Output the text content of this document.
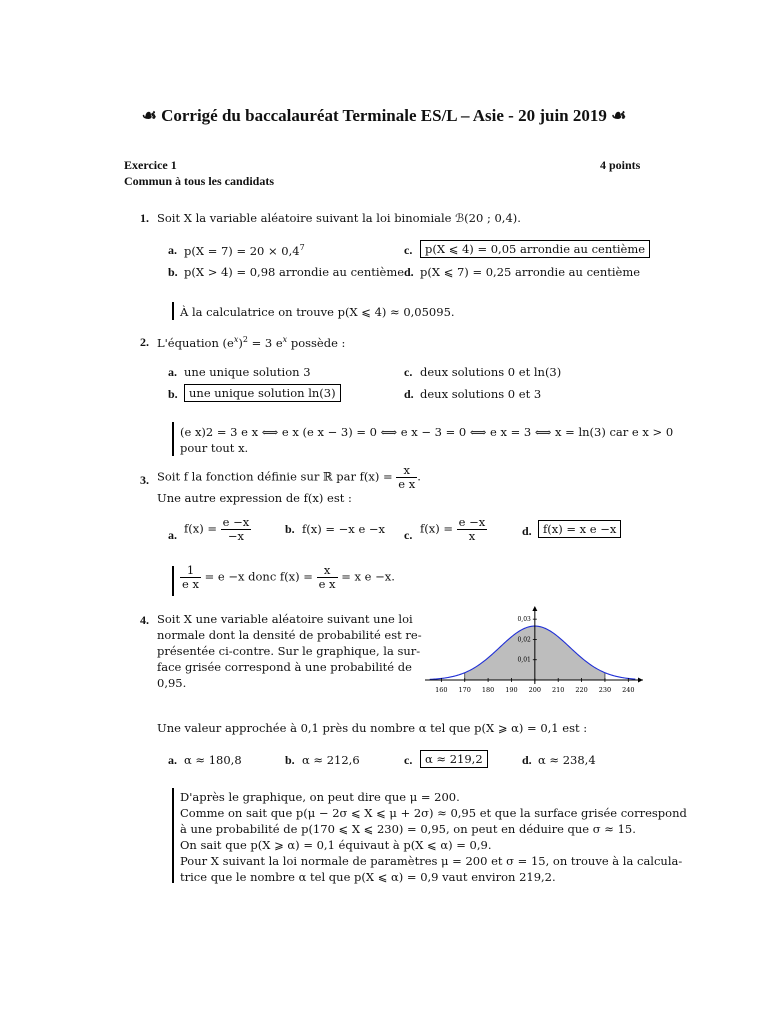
☙ Corrigé du baccalauréat Terminale ES/L – Asie - 20 juin 2019 ☙
Exercice 1	4 points
Commun à tous les candidats
1. Soit X la variable aléatoire suivant la loi binomiale ℬ(20 ; 0,4).
a. $p(X = 7) = 20 \times 0,4^7$	c.	p(X ⩽ 4) = 0,05 arrondie au centième
b. p(X > 4) = 0,98 arrondie au centième d. p(X ⩽ 7) = 0,25 arrondie au centième
À la calculatrice on trouve p(X ⩽ 4) ≈ 0,05095.
2. L'équation $(e^x)^2 = 3$ $e^x$ possède :
a. une unique solution 3	c. deux solutions 0 et ln(3)
b. une unique solution ln(3)	d. deux solutions 0 et 3
(e x)2 = 3 e x ⟺ e x (e x − 3) = 0 ⟺ e x − 3 = 0 ⟺ e x = 3 ⟺ x = ln(3) car e x > 0
pour tout x.
3. Soit f la fonction définie sur ℝ par $f(x) = \frac{x}{\text{e x}}$ .
Une autre expression de f(x) est :
a. $f(x) = \frac{e -x}{-x}$	b. f(x) = −x e −x c. $f(x) = \frac{e -x}{x}$	d. f(x) = x e −x
$\frac{1}{\text{e x}} = e -x$ donc $f(x) = \frac{x}{\text{e x}} = x$ e −x.
4. Soit X une variable aléatoire suivant une loi
normale dont la densité de probabilité est re-
présentée ci-contre. Sur le graphique, la sur-
face grisée correspond à une probabilité de
0,95.	160 170 180 190 200 210 220 230 240
0,01
0,02
0,03
Une valeur approchée à 0,1 près du nombre α tel que p(X ⩾ α) = 0,1 est :
a. α ≈ 180,8	b. α ≈ 212,6	c.	α ≈ 219,2	d. α ≈ 238,4
D'après le graphique, on peut dire que μ = 200.
Comme on sait que p(μ − 2σ ⩽ X ⩽ μ + 2σ) ≈ 0,95 et que la surface grisée correspond
à une probabilité de p(170 ⩽ X ⩽ 230) = 0,95, on peut en déduire que σ ≈ 15.
On sait que p(X ⩾ α) = 0,1 équivaut à p(X ⩽ α) = 0,9.
Pour X suivant la loi normale de paramètres μ = 200 et σ = 15, on trouve à la calcula-
trice que le nombre α tel que p(X ⩽ α) = 0,9 vaut environ 219,2.
